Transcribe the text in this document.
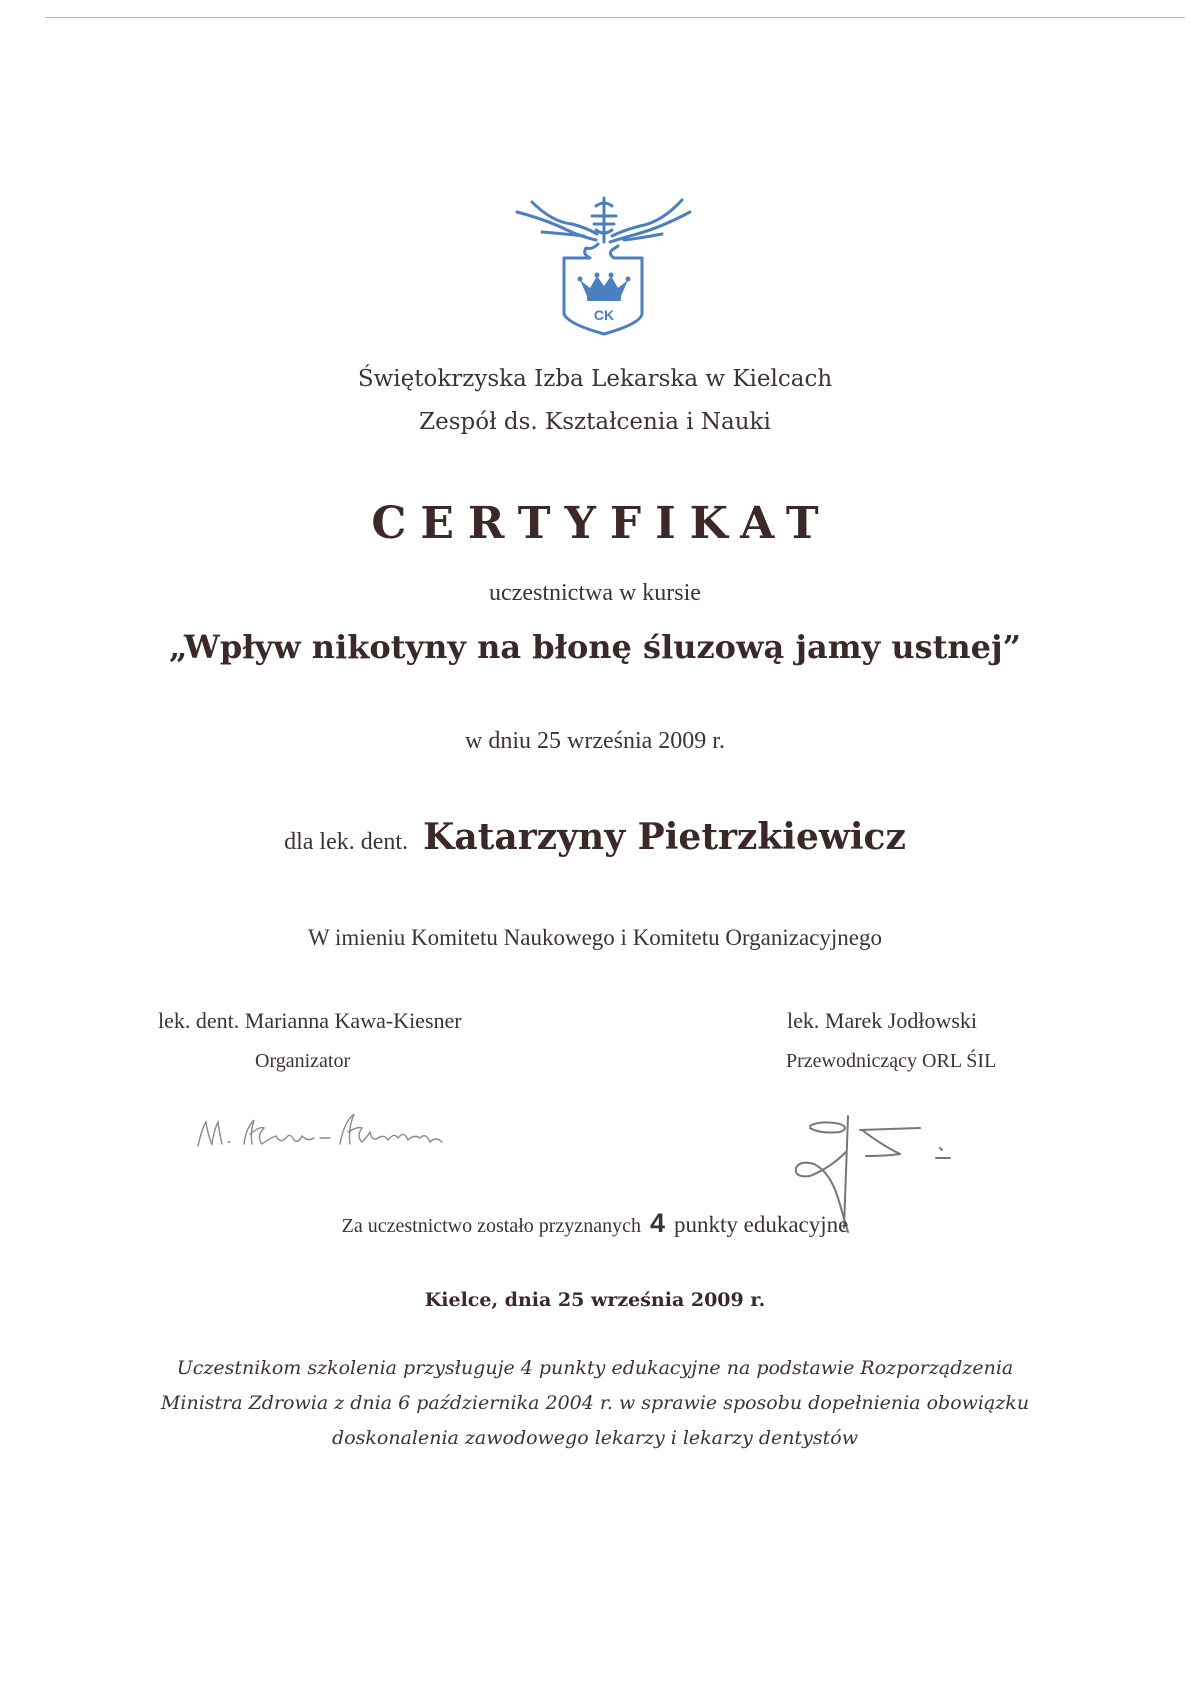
CK
Świętokrzyska Izba Lekarska w Kielcach
Zespół ds. Kształcenia i Nauki
CERTYFIKAT
uczestnictwa w kursie
„Wpływ nikotyny na błonę śluzową jamy ustnej”
w dniu 25 września 2009 r.
dla lek. dent. Katarzyny Pietrzkiewicz
W imieniu Komitetu Naukowego i Komitetu Organizacyjnego
lek. dent. Marianna Kawa-Kiesner
Organizator
lek. Marek Jodłowski
Przewodniczący ORL ŚIL
Za uczestnictwo zostało przyznanych 4 punkty edukacyjne
Kielce, dnia 25 września 2009 r.
Uczestnikom szkolenia przysługuje 4 punkty edukacyjne na podstawie Rozporządzenia
Ministra Zdrowia z dnia 6 października 2004 r. w sprawie sposobu dopełnienia obowiązku
doskonalenia zawodowego lekarzy i lekarzy dentystów
